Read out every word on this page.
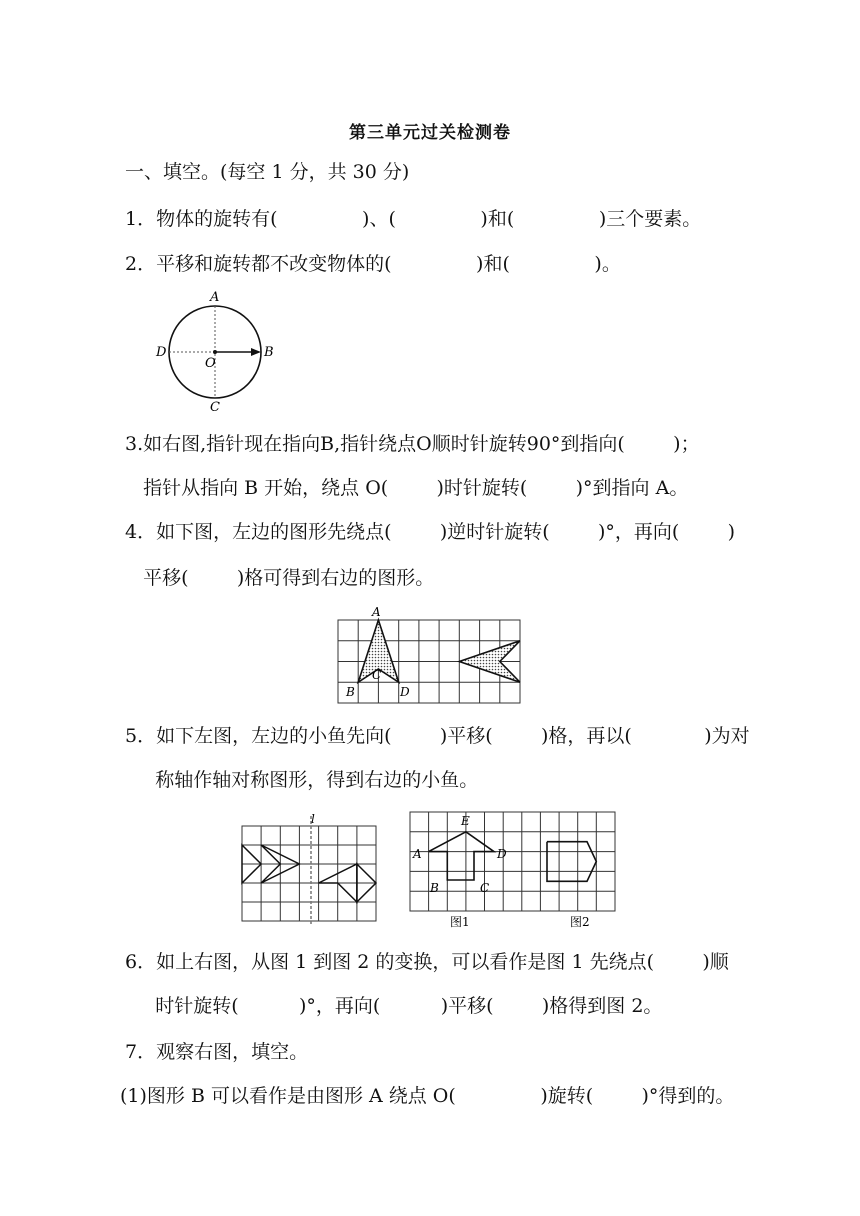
第三单元过关检测卷
一、填空。(每空 1 分，共 30 分)
1．物体的旋转有(              )、(              )和(              )三个要素。
2．平移和旋转都不改变物体的(              )和(              )。
A
B
C
D
O
3.如右图,指针现在指向B,指针绕点O顺时针旋转90°到指向(        )；
指针从指向 B 开始，绕点 O(        )时针旋转(        )°到指向 A。
4．如下图，左边的图形先绕点(        )逆时针旋转(        )°，再向(        )
平移(        )格可得到右边的图形。
A
B
C
D
5．如下左图，左边的小鱼先向(        )平移(        )格，再以(            )为对
称轴作轴对称图形，得到右边的小鱼。
l	E
A	D
B	C
图1	图2
6．如上右图，从图 1 到图 2 的变换，可以看作是图 1 先绕点(        )顺
时针旋转(          )°，再向(          )平移(        )格得到图 2。
7．观察右图，填空。
(1)图形 B 可以看作是由图形 A 绕点 O(              )旋转(        )°得到的。
